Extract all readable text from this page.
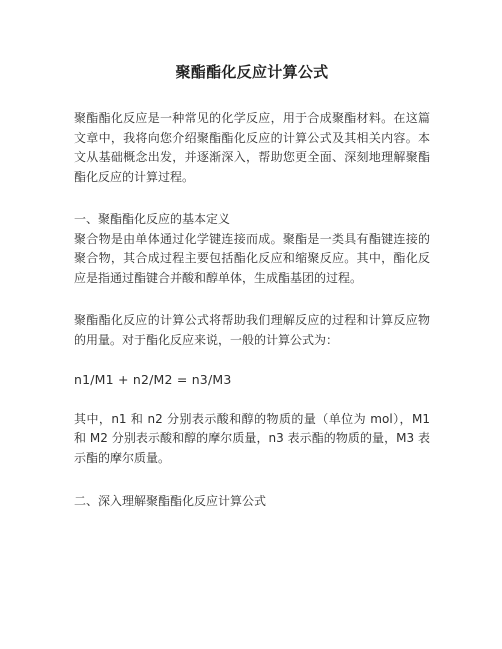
聚酯酯化反应计算公式

聚酯酯化反应是一种常见的化学反应，用于合成聚酯材料。在这篇文章中，我将向您介绍聚酯酯化反应的计算公式及其相关内容。本文从基础概念出发，并逐渐深入，帮助您更全面、深刻地理解聚酯酯化反应的计算过程。

一、聚酯酯化反应的基本定义

聚合物是由单体通过化学键连接而成。聚酯是一类具有酯键连接的聚合物，其合成过程主要包括酯化反应和缩聚反应。其中，酯化反应是指通过酯键合并酸和醇单体，生成酯基团的过程。

聚酯酯化反应的计算公式将帮助我们理解反应的过程和计算反应物的用量。对于酯化反应来说，一般的计算公式为：

n1/M1 + n2/M2 = n3/M3

其中，n1 和 n2 分别表示酸和醇的物质的量（单位为 mol），M1 和 M2 分别表示酸和醇的摩尔质量，n3 表示酯的物质的量，M3 表示酯的摩尔质量。

二、深入理解聚酯酯化反应计算公式
